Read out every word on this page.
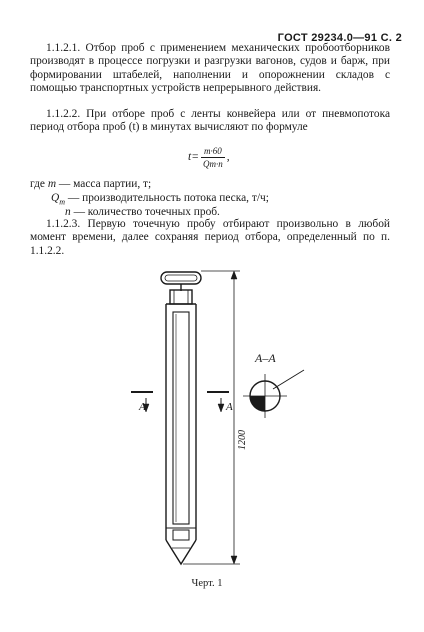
ГОСТ 29234.0—91 С. 2

1.1.2.1. Отбор проб с применением механических пробоотборников производят в процессе погрузки и разгрузки вагонов, судов и барж, при формировании штабелей, наполнении и опорожнении складов с помощью транспортных устройств непрерывного действия.

1.1.2.2. При отборе проб с ленты конвейера или от пневмопотока период отбора проб (t) в минутах вычисляют по формуле

$t= \frac{m\cdot 60}{Qm\cdot n}$ ,
где m — масса партии, т;
$Q_m$ — производительность потока песка, т/ч;
n — количество точечных проб.

1.1.2.3. Первую точечную пробу отбирают произвольно в любой момент времени, далее сохраняя период отбора, определенный по п. 1.1.2.2.

А–А
А	А
1200
Черт. 1
